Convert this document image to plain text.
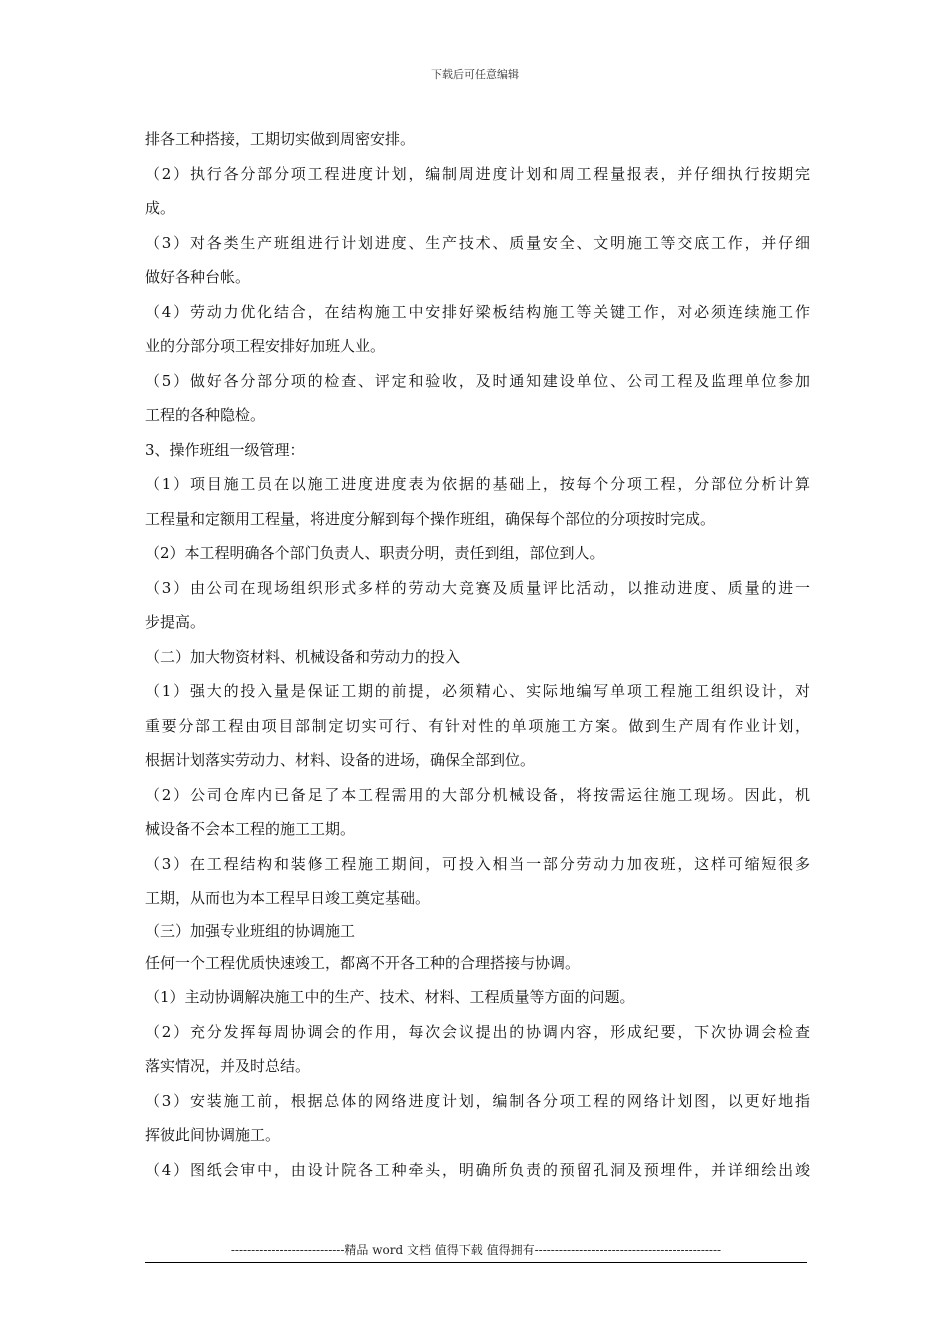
下载后可任意编辑
排各工种搭接，工期切实做到周密安排。
（2）执行各分部分项工程进度计划，编制周进度计划和周工程量报表，并仔细执行按期完
成。
（3）对各类生产班组进行计划进度、生产技术、质量安全、文明施工等交底工作，并仔细
做好各种台帐。
（4）劳动力优化结合，在结构施工中安排好梁板结构施工等关键工作，对必须连续施工作
业的分部分项工程安排好加班人业。
（5）做好各分部分项的检查、评定和验收，及时通知建设单位、公司工程及监理单位参加
工程的各种隐检。
3、操作班组一级管理：
（1）项目施工员在以施工进度进度表为依据的基础上，按每个分项工程，分部位分析计算
工程量和定额用工程量，将进度分解到每个操作班组，确保每个部位的分项按时完成。
（2）本工程明确各个部门负责人、职责分明，责任到组，部位到人。
（3）由公司在现场组织形式多样的劳动大竞赛及质量评比活动，以推动进度、质量的进一
步提高。
（二）加大物资材料、机械设备和劳动力的投入
（1）强大的投入量是保证工期的前提，必须精心、实际地编写单项工程施工组织设计，对
重要分部工程由项目部制定切实可行、有针对性的单项施工方案。做到生产周有作业计划，
根据计划落实劳动力、材料、设备的进场，确保全部到位。
（2）公司仓库内已备足了本工程需用的大部分机械设备，将按需运往施工现场。因此，机
械设备不会本工程的施工工期。
（3）在工程结构和装修工程施工期间，可投入相当一部分劳动力加夜班，这样可缩短很多
工期，从而也为本工程早日竣工奠定基础。
（三）加强专业班组的协调施工
任何一个工程优质快速竣工，都离不开各工种的合理搭接与协调。
（1）主动协调解决施工中的生产、技术、材料、工程质量等方面的问题。
（2）充分发挥每周协调会的作用，每次会议提出的协调内容，形成纪要，下次协调会检查
落实情况，并及时总结。
（3）安装施工前，根据总体的网络进度计划，编制各分项工程的网络计划图，以更好地指
挥彼此间协调施工。
（4）图纸会审中，由设计院各工种牵头，明确所负责的预留孔洞及预埋件，并详细绘出竣
----------------------------精品 word 文档 值得下载 值得拥有----------------------------------------------
